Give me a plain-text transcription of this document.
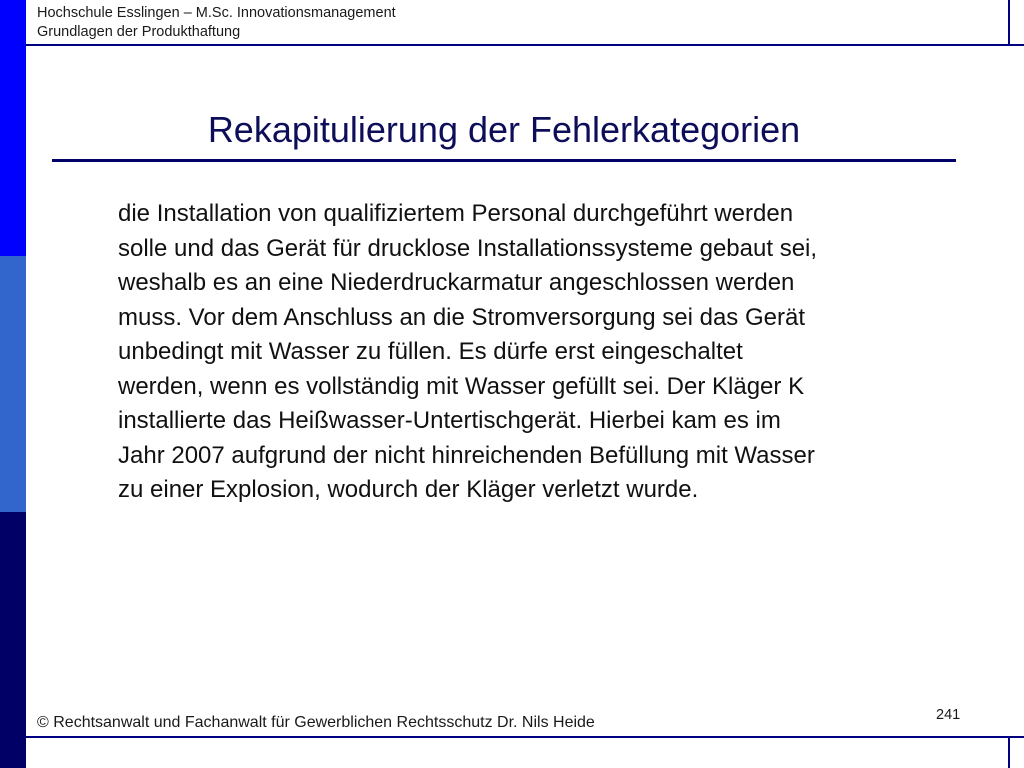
Hochschule Esslingen – M.Sc. Innovationsmanagement
Grundlagen der Produkthaftung
Rekapitulierung der Fehlerkategorien
die Installation von qualifiziertem Personal durchgeführt werden
solle und das Gerät für drucklose Installationssysteme gebaut sei,
weshalb es an eine Niederdruckarmatur angeschlossen werden
muss. Vor dem Anschluss an die Stromversorgung sei das Gerät
unbedingt mit Wasser zu füllen. Es dürfe erst eingeschaltet
werden, wenn es vollständig mit Wasser gefüllt sei. Der Kläger K
installierte das Heißwasser-Untertischgerät. Hierbei kam es im
Jahr 2007 aufgrund der nicht hinreichenden Befüllung mit Wasser
zu einer Explosion, wodurch der Kläger verletzt wurde.
241
© Rechtsanwalt und Fachanwalt für Gewerblichen Rechtsschutz Dr. Nils Heide
